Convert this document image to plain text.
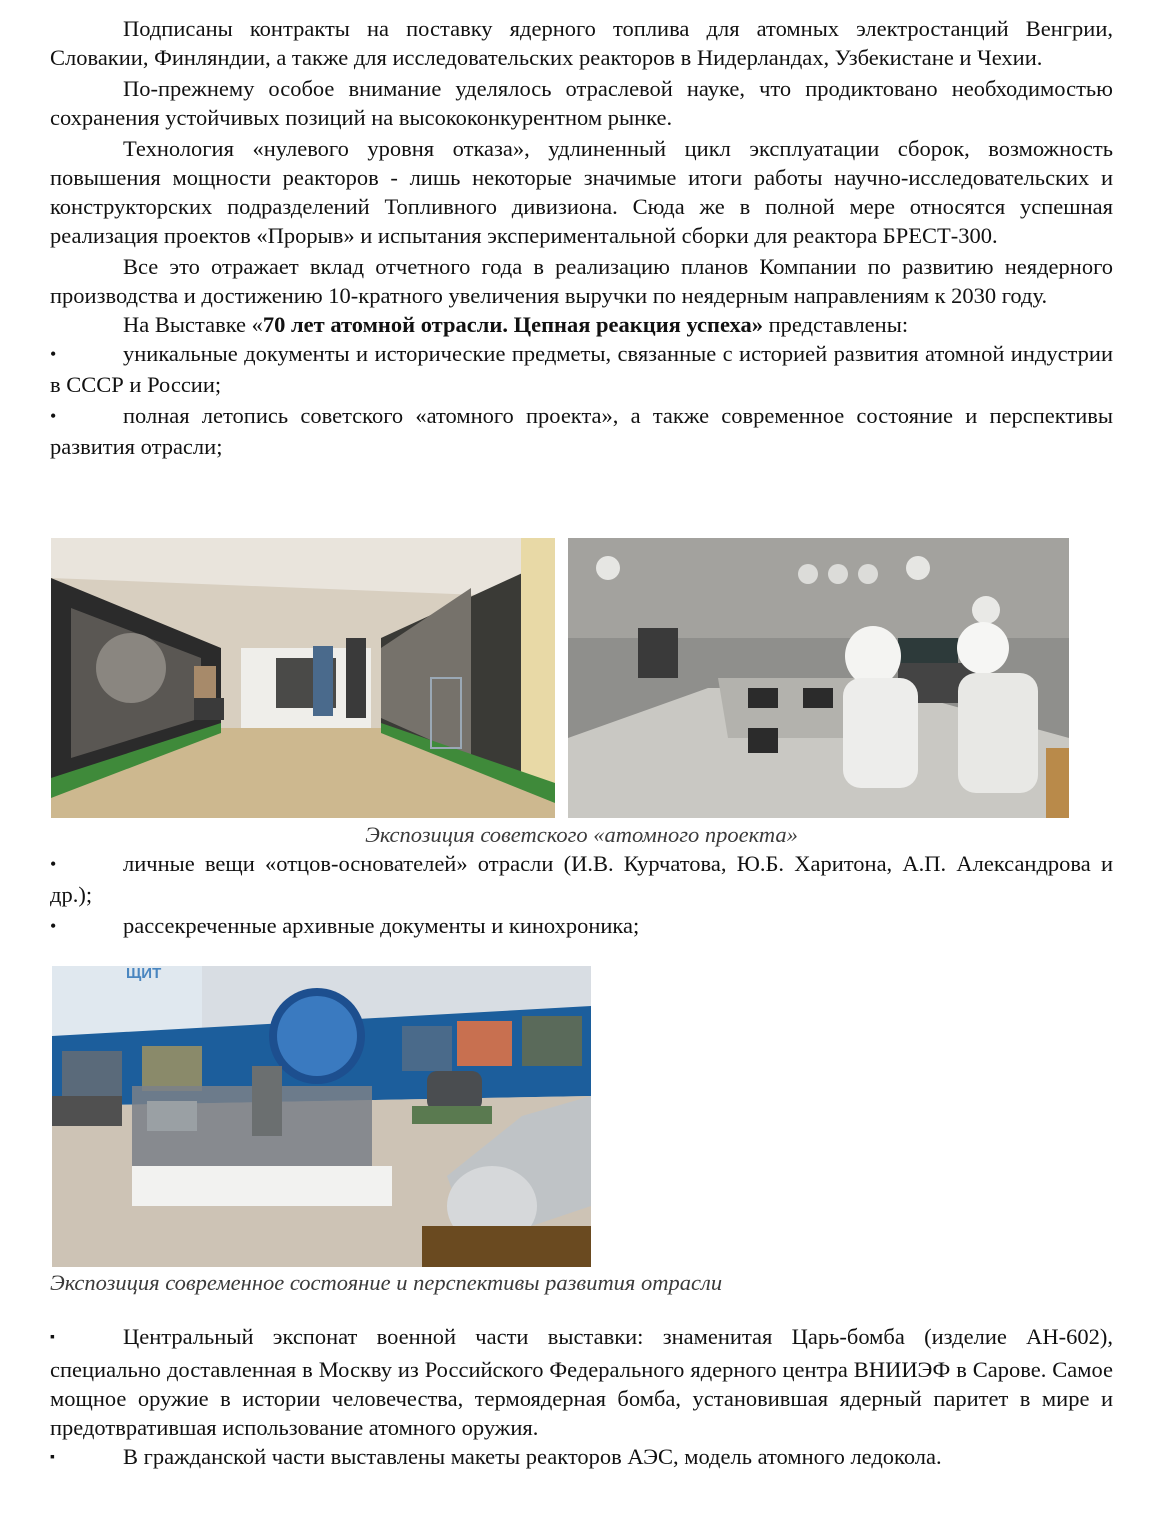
Подписаны контракты на поставку ядерного топлива для атомных электростанций Венгрии, Словакии, Финляндии, а также для исследовательских реакторов в Нидерландах, Узбекистане и Чехии.

По-прежнему особое внимание уделялось отраслевой науке, что продиктовано необходимостью сохранения устойчивых позиций на высококонкурентном рынке.

Технология «нулевого уровня отказа», удлиненный цикл эксплуатации сборок, возможность повышения мощности реакторов - лишь некоторые значимые итоги работы научно-исследовательских и конструкторских подразделений Топливного дивизиона. Сюда же в полной мере относятся успешная реализация проектов «Прорыв» и испытания экспериментальной сборки для реактора БРЕСТ-300.

Все это отражает вклад отчетного года в реализацию планов Компании по развитию неядерного производства и достижению 10-кратного увеличения выручки по неядерным направлениям к 2030 году.

На Выставке «70 лет атомной отрасли. Цепная реакция успеха» представлены:

•	уникальные документы и исторические предметы, связанные с историей развития атомной индустрии в СССР и России;

•	полная летопись советского «атомного проекта», а также современное состояние и перспективы развития отрасли;

Экспозиция советского «атомного проекта»

•	личные вещи «отцов-основателей» отрасли (И.В. Курчатова, Ю.Б. Харитона, А.П. Александрова и др.);

•	рассекреченные архивные документы и кинохроника;

ЩИТ

Экспозиция современное состояние и перспективы развития отрасли

▪	Центральный экспонат военной части выставки: знаменитая Царь-бомба (изделие АН-602), специально доставленная в Москву из Российского Федерального ядерного центра ВНИИЭФ в Сарове. Самое мощное оружие в истории человечества, термоядерная бомба, установившая ядерный паритет в мире и предотвратившая использование атомного оружия.

▪	В гражданской части выставлены макеты реакторов АЭС, модель атомного ледокола.
